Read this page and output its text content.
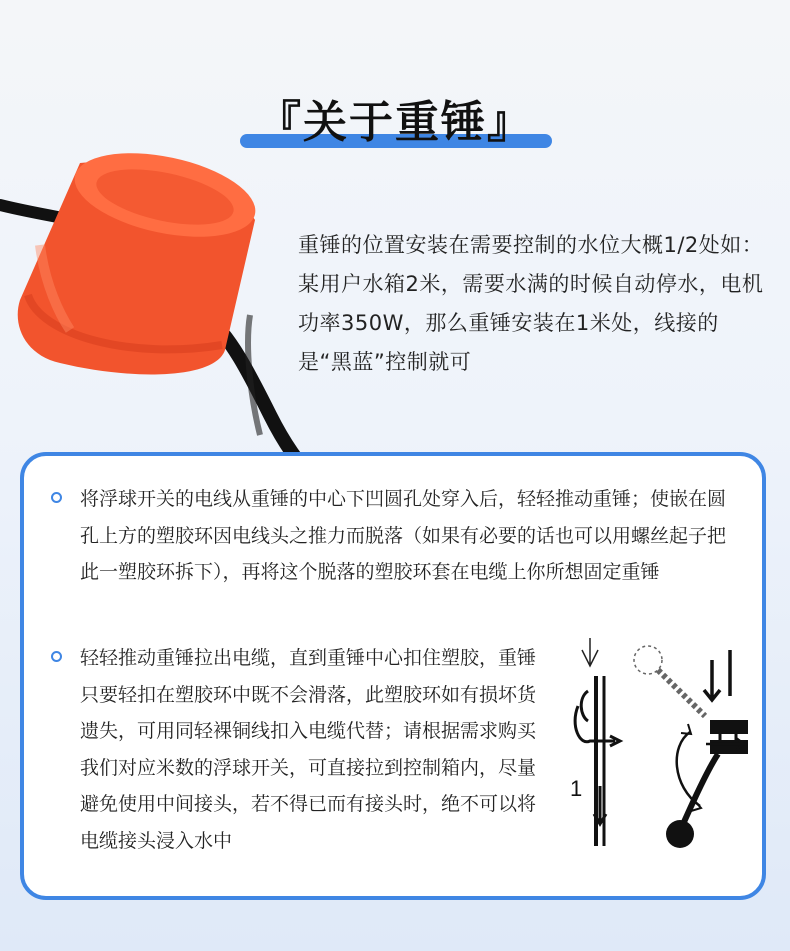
『关于重锤』
重锤的位置安装在需要控制的水位大概1/2处如：某用户水箱2米，需要水满的时候自动停水，电机功率350W，那么重锤安装在1米处，线接的是“黑蓝”控制就可
将浮球开关的电线从重锤的中心下凹圆孔处穿入后，轻轻推动重锤；使嵌在圆孔上方的塑胶环因电线头之推力而脱落（如果有必要的话也可以用螺丝起子把此一塑胶环拆下），再将这个脱落的塑胶环套在电缆上你所想固定重锤
轻轻推动重锤拉出电缆，直到重锤中心扣住塑胶，重锤只要轻扣在塑胶环中既不会滑落，此塑胶环如有损坏货遗失，可用同轻裸铜线扣入电缆代替；请根据需求购买我们对应米数的浮球开关，可直接拉到控制箱内，尽量避免使用中间接头，若不得已而有接头时，绝不可以将电缆接头浸入水中
1
